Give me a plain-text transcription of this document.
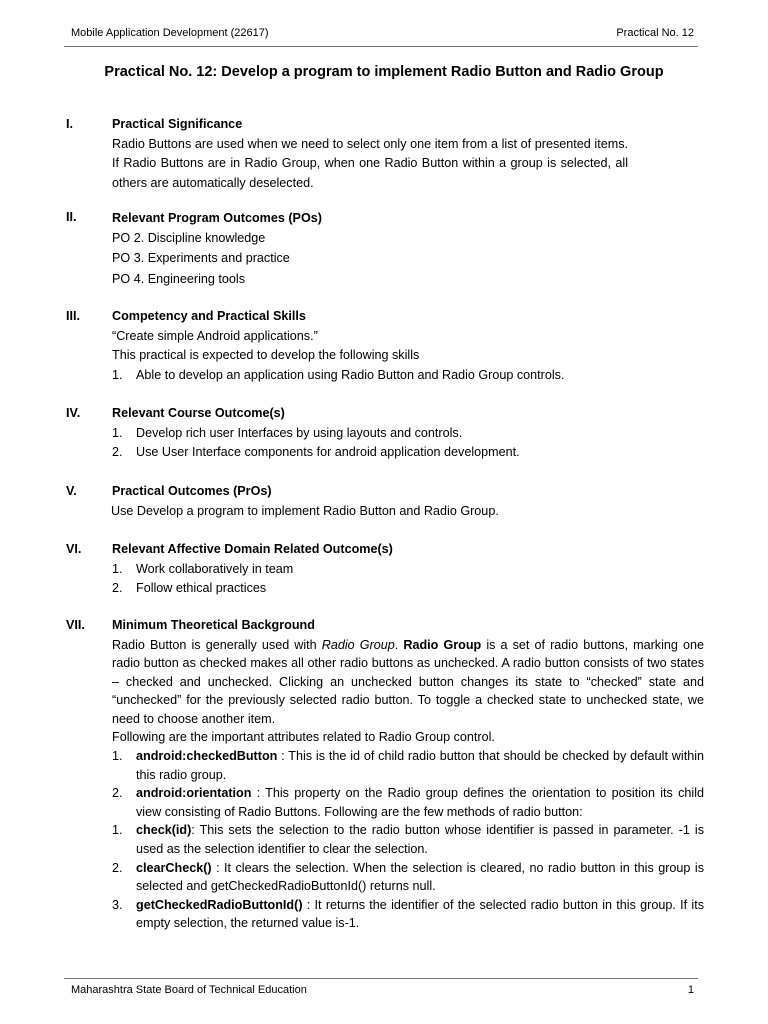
Mobile Application Development (22617)	Practical No. 12
Practical No. 12: Develop a program to implement Radio Button and Radio Group
I.	Practical Significance
Radio Buttons are used when we need to select only one item from a list of presented items. If Radio Buttons are in Radio Group, when one Radio Button within a group is selected, all others are automatically deselected.
II.	Relevant Program Outcomes (POs)
PO 2. Discipline knowledge
PO 3. Experiments and practice
PO 4. Engineering tools
III.	Competency and Practical Skills
“Create simple Android applications.”
This practical is expected to develop the following skills
1. Able to develop an application using Radio Button and Radio Group controls.
IV.	Relevant Course Outcome(s)
1. Develop rich user Interfaces by using layouts and controls.
2. Use User Interface components for android application development.
V.	Practical Outcomes (PrOs)
Use Develop a program to implement Radio Button and Radio Group.
VI. Relevant Affective Domain Related Outcome(s)
1. Work collaboratively in team
2. Follow ethical practices
VII. Minimum Theoretical Background
Radio Button is generally used with Radio Group. Radio Group is a set of radio buttons, marking one radio button as checked makes all other radio buttons as unchecked. A radio button consists of two states – checked and unchecked. Clicking an unchecked button changes its state to “checked” state and “unchecked” for the previously selected radio button. To toggle a checked state to unchecked state, we need to choose another item.
Following are the important attributes related to Radio Group control.
1. android:checkedButton : This is the id of child radio button that should be checked by default within this radio group.
2. android:orientation : This property on the Radio group defines the orientation to position its child view consisting of Radio Buttons. Following are the few methods of radio button:
1. check(id): This sets the selection to the radio button whose identifier is passed in parameter. -1 is used as the selection identifier to clear the selection.
2. clearCheck() : It clears the selection. When the selection is cleared, no radio button in this group is selected and getCheckedRadioButtonId() returns null.
3. getCheckedRadioButtonId() : It returns the identifier of the selected radio button in this group. If its empty selection, the returned value is-1.
Maharashtra State Board of Technical Education	1
